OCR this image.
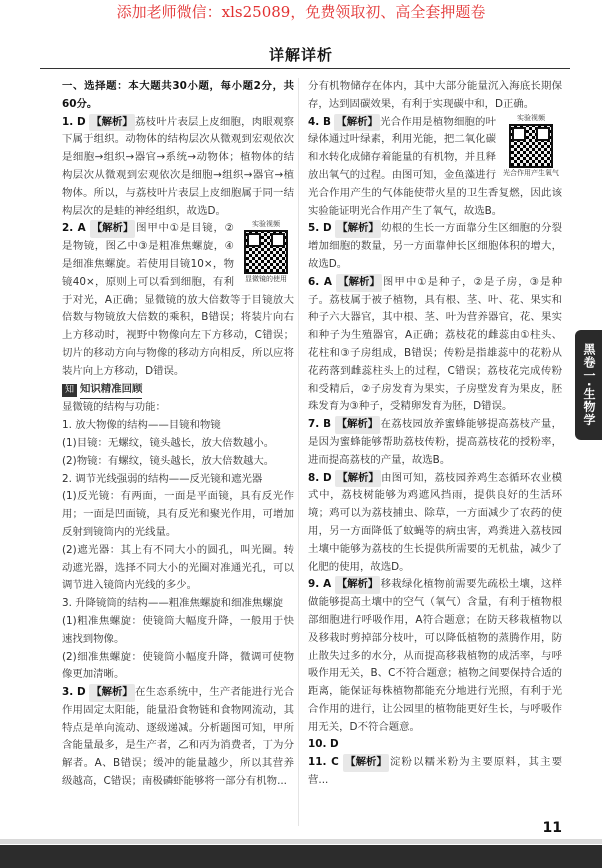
添加老师微信：xls25089，免费领取初、高全套押题卷
详解详析

一、选择题：本大题共30小题，每小题2分，共60分。

1. D 【解析】 荔枝叶片表层上皮细胞，肉眼观察下属于组织。动物体的结构层次从微观到宏观依次是细胞→组织→器官→系统→动物体；植物体的结构层次从微观到宏观依次是细胞→组织→器官→植物体。所以，与荔枝叶片表层上皮细胞属于同一结构层次的是蛙的神经组织，故选D。

实验视频
显微镜的使用
2. A 【解析】 图甲中①是目镜，②是物镜，图乙中③是粗准焦螺旋，④是细准焦螺旋。若使用目镜10×，物镜40×，原则上可以看到细胞，有利于对光，A正确；显微镜的放大倍数等于目镜放大倍数与物镜放大倍数的乘积，B错误；将装片向右上方移动时，视野中物像向左下方移动，C错误；切片的移动方向与物像的移动方向相反，所以应将装片向上方移动，D错误。

知 知识精准回顾

显微镜的结构与功能：

1. 放大物像的结构——目镜和物镜

(1)目镜：无螺纹，镜头越长，放大倍数越小。

(2)物镜：有螺纹，镜头越长，放大倍数越大。

2. 调节光线强弱的结构——反光镜和遮光器

(1)反光镜：有两面，一面是平面镜，具有反光作用；一面是凹面镜，具有反光和聚光作用，可增加反射到镜筒内的光线量。

(2)遮光器：其上有不同大小的圆孔，叫光圈。转动遮光器，选择不同大小的光圈对准通光孔，可以调节进入镜筒内光线的多少。

3. 升降镜筒的结构——粗准焦螺旋和细准焦螺旋

(1)粗准焦螺旋：使镜筒大幅度升降，一般用于快速找到物像。

(2)细准焦螺旋：使镜筒小幅度升降，微调可使物像更加清晰。

3. D 【解析】 在生态系统中，生产者能进行光合作用固定太阳能，能量沿食物链和食物网流动，其特点是单向流动、逐级递减。分析题图可知，甲所含能量最多，是生产者，乙和丙为消费者，丁为分解者。A、B错误；缓冲的能量越少，所以其营养级越高，C错误；南极磷虾能够将一部分有机物...

分有机物储存在体内，其中大部分能量沉入海底长期保存，达到固碳效果，有利于实现碳中和，D正确。

实验视频
光合作用产生氧气
4. B 【解析】 光合作用是植物细胞的叶绿体通过叶绿素，利用光能，把二氧化碳和水转化成储存着能量的有机物，并且释放出氧气的过程。由图可知，金鱼藻进行光合作用产生的气体能使带火星的卫生香复燃，因此该实验能证明光合作用产生了氧气，故选B。

5. D 【解析】 幼根的生长一方面靠分生区细胞的分裂增加细胞的数量，另一方面靠伸长区细胞体积的增大，故选D。

6. A 【解析】 图甲中①是种子，②是子房，③是种子。荔枝属于被子植物，具有根、茎、叶、花、果实和种子六大器官，其中根、茎、叶为营养器官，花、果实和种子为生殖器官，A正确；荔枝花的雌蕊由①柱头、花柱和③子房组成，B错误；传粉是指雄蕊中的花粉从花药落到雌蕊柱头上的过程，C错误；荔枝花完成传粉和受精后，②子房发育为果实，子房壁发育为果皮，胚珠发育为③种子，受精卵发育为胚，D错误。

7. B 【解析】 在荔枝园放养蜜蜂能够提高荔枝产量，是因为蜜蜂能够帮助荔枝传粉，提高荔枝花的授粉率，进而提高荔枝的产量，故选B。

8. D 【解析】 由图可知，荔枝园养鸡生态循环农业模式中，荔枝树能够为鸡遮风挡雨，提供良好的生活环境；鸡可以为荔枝捕虫、除草，一方面减少了农药的使用，另一方面降低了蚊蝇等的病虫害，鸡粪进入荔枝园土壤中能够为荔枝的生长提供所需要的无机盐，减少了化肥的使用，故选D。

9. A 【解析】 移栽绿化植物前需要先疏松土壤，这样做能够提高土壤中的空气（氧气）含量，有利于植物根部细胞进行呼吸作用，A符合题意；在防天移栽植物以及移栽时剪掉部分枝叶，可以降低植物的蒸腾作用，防止散失过多的水分，从而提高移栽植物的成活率，与呼吸作用无关，B、C不符合题意；植物之间要保持合适的距离，能保证每株植物都能充分地进行光照，有利于光合作用的进行，让公园里的植物能更好生长，与呼吸作用无关，D不符合题意。

10. D

11. C 【解析】 淀粉以糯米粉为主要原料，其主要营...

黑卷一·生物学
11
